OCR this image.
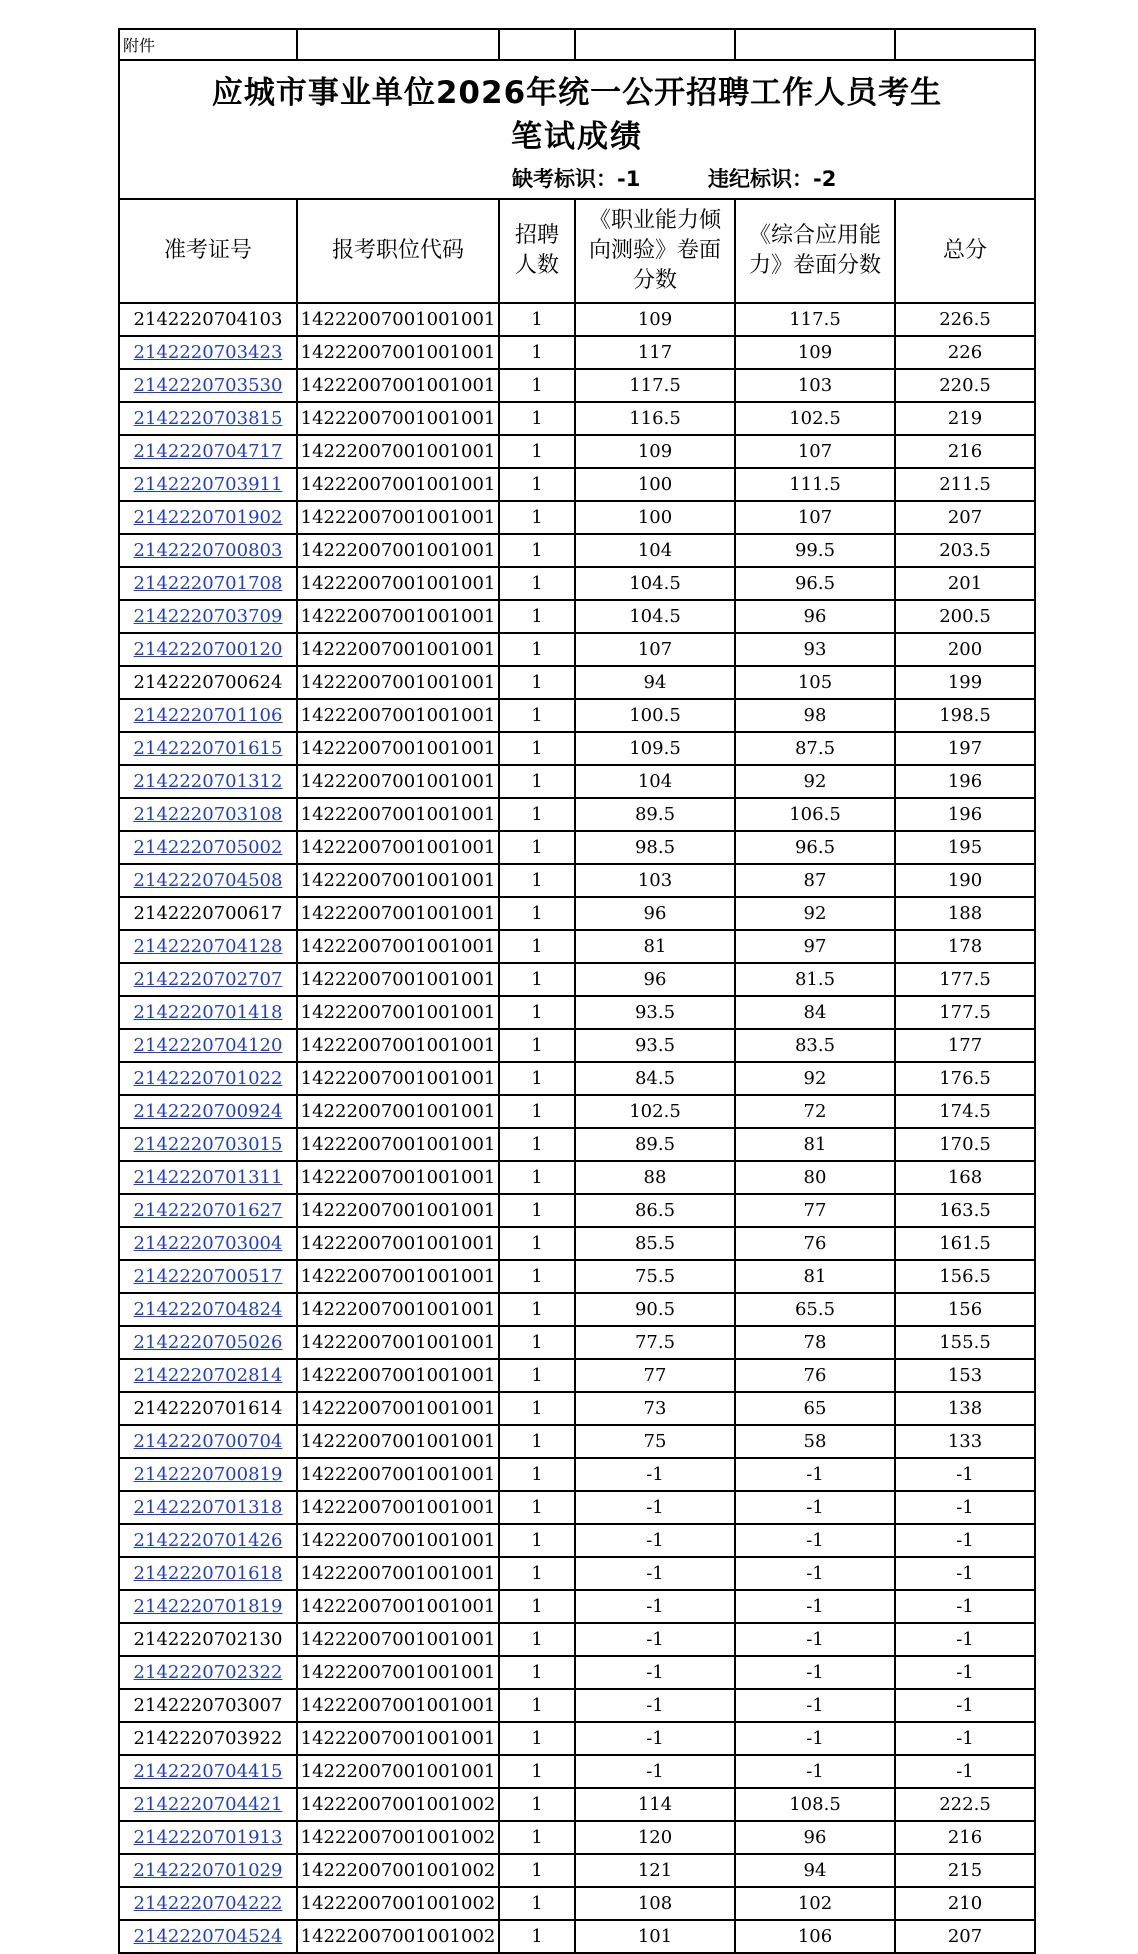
附件					

应城市事业单位2026年统一公开招聘工作人员考生
笔试成绩
缺考标识：-1 违纪标识：-2					

准考证号	报考职位代码	招聘人数	《职业能力倾向测验》卷面分数	《综合应用能力》卷面分数	总分
2142220704103	14222007001001001	1	109	117.5	226.5
2142220703423	14222007001001001	1	117	109	226
2142220703530	14222007001001001	1	117.5	103	220.5
2142220703815	14222007001001001	1	116.5	102.5	219
2142220704717	14222007001001001	1	109	107	216
2142220703911	14222007001001001	1	100	111.5	211.5
2142220701902	14222007001001001	1	100	107	207
2142220700803	14222007001001001	1	104	99.5	203.5
2142220701708	14222007001001001	1	104.5	96.5	201
2142220703709	14222007001001001	1	104.5	96	200.5
2142220700120	14222007001001001	1	107	93	200
2142220700624	14222007001001001	1	94	105	199
2142220701106	14222007001001001	1	100.5	98	198.5
2142220701615	14222007001001001	1	109.5	87.5	197
2142220701312	14222007001001001	1	104	92	196
2142220703108	14222007001001001	1	89.5	106.5	196
2142220705002	14222007001001001	1	98.5	96.5	195
2142220704508	14222007001001001	1	103	87	190
2142220700617	14222007001001001	1	96	92	188
2142220704128	14222007001001001	1	81	97	178
2142220702707	14222007001001001	1	96	81.5	177.5
2142220701418	14222007001001001	1	93.5	84	177.5
2142220704120	14222007001001001	1	93.5	83.5	177
2142220701022	14222007001001001	1	84.5	92	176.5
2142220700924	14222007001001001	1	102.5	72	174.5
2142220703015	14222007001001001	1	89.5	81	170.5
2142220701311	14222007001001001	1	88	80	168
2142220701627	14222007001001001	1	86.5	77	163.5
2142220703004	14222007001001001	1	85.5	76	161.5
2142220700517	14222007001001001	1	75.5	81	156.5
2142220704824	14222007001001001	1	90.5	65.5	156
2142220705026	14222007001001001	1	77.5	78	155.5
2142220702814	14222007001001001	1	77	76	153
2142220701614	14222007001001001	1	73	65	138
2142220700704	14222007001001001	1	75	58	133
2142220700819	14222007001001001	1	-1	-1	-1
2142220701318	14222007001001001	1	-1	-1	-1
2142220701426	14222007001001001	1	-1	-1	-1
2142220701618	14222007001001001	1	-1	-1	-1
2142220701819	14222007001001001	1	-1	-1	-1
2142220702130	14222007001001001	1	-1	-1	-1
2142220702322	14222007001001001	1	-1	-1	-1
2142220703007	14222007001001001	1	-1	-1	-1
2142220703922	14222007001001001	1	-1	-1	-1
2142220704415	14222007001001001	1	-1	-1	-1
2142220704421	14222007001001002	1	114	108.5	222.5
2142220701913	14222007001001002	1	120	96	216
2142220701029	14222007001001002	1	121	94	215
2142220704222	14222007001001002	1	108	102	210
2142220704524	14222007001001002	1	101	106	207
